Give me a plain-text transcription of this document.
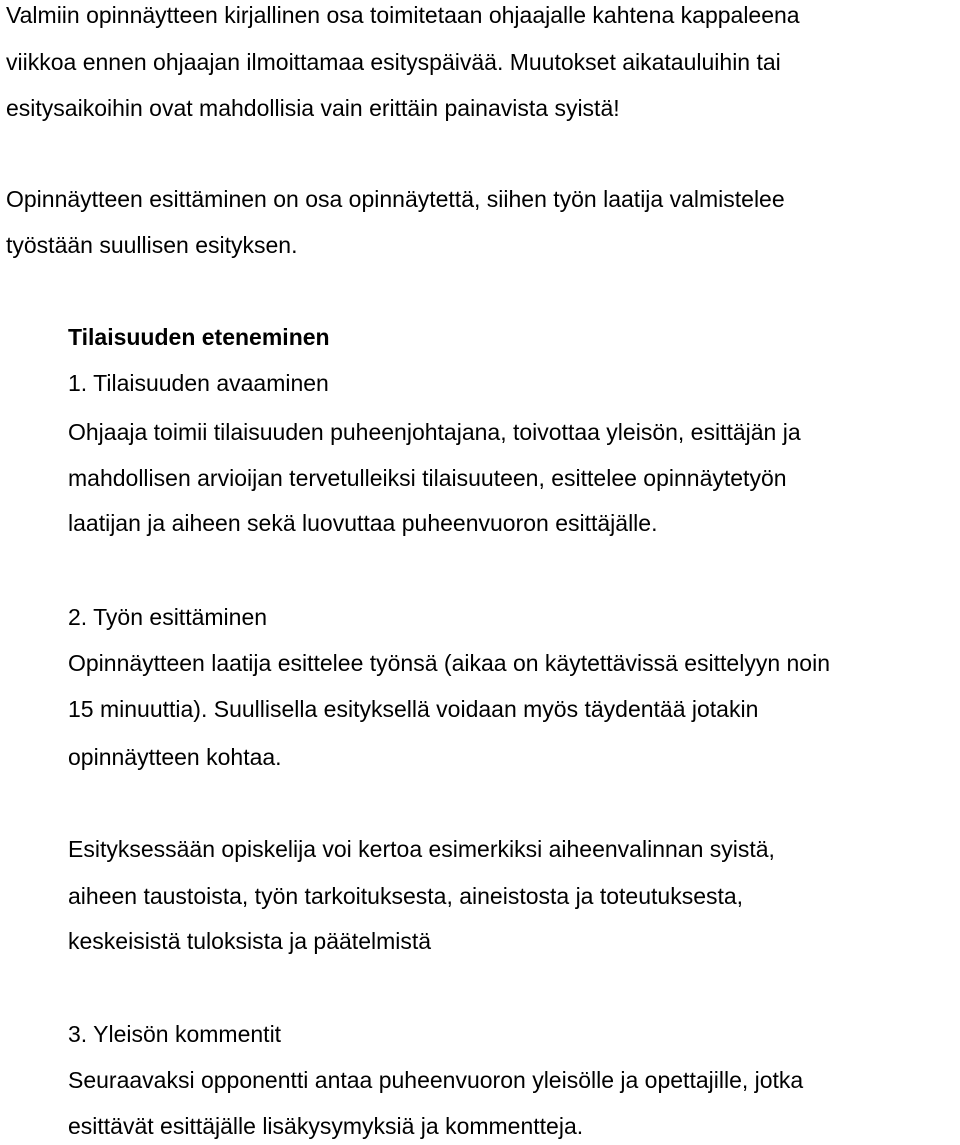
Valmiin opinnäytteen kirjallinen osa toimitetaan ohjaajalle kahtena kappaleena
viikkoa ennen ohjaajan ilmoittamaa esityspäivää. Muutokset aikatauluihin tai
esitysaikoihin ovat mahdollisia vain erittäin painavista syistä!
Opinnäytteen esittäminen on osa opinnäytettä, siihen työn laatija valmistelee
työstään suullisen esityksen.
Tilaisuuden eteneminen
1. Tilaisuuden avaaminen
Ohjaaja toimii tilaisuuden puheenjohtajana, toivottaa yleisön, esittäjän ja
mahdollisen arvioijan tervetulleiksi tilaisuuteen, esittelee opinnäytetyön
laatijan ja aiheen sekä luovuttaa puheenvuoron esittäjälle.
2. Työn esittäminen
Opinnäytteen laatija esittelee työnsä (aikaa on käytettävissä esittelyyn noin
15 minuuttia). Suullisella esityksellä voidaan myös täydentää jotakin
opinnäytteen kohtaa.
Esityksessään opiskelija voi kertoa esimerkiksi aiheenvalinnan syistä,
aiheen taustoista, työn tarkoituksesta, aineistosta ja toteutuksesta,
keskeisistä tuloksista ja päätelmistä
3. Yleisön kommentit
Seuraavaksi opponentti antaa puheenvuoron yleisölle ja opettajille, jotka
esittävät esittäjälle lisäkysymyksiä ja kommentteja.
